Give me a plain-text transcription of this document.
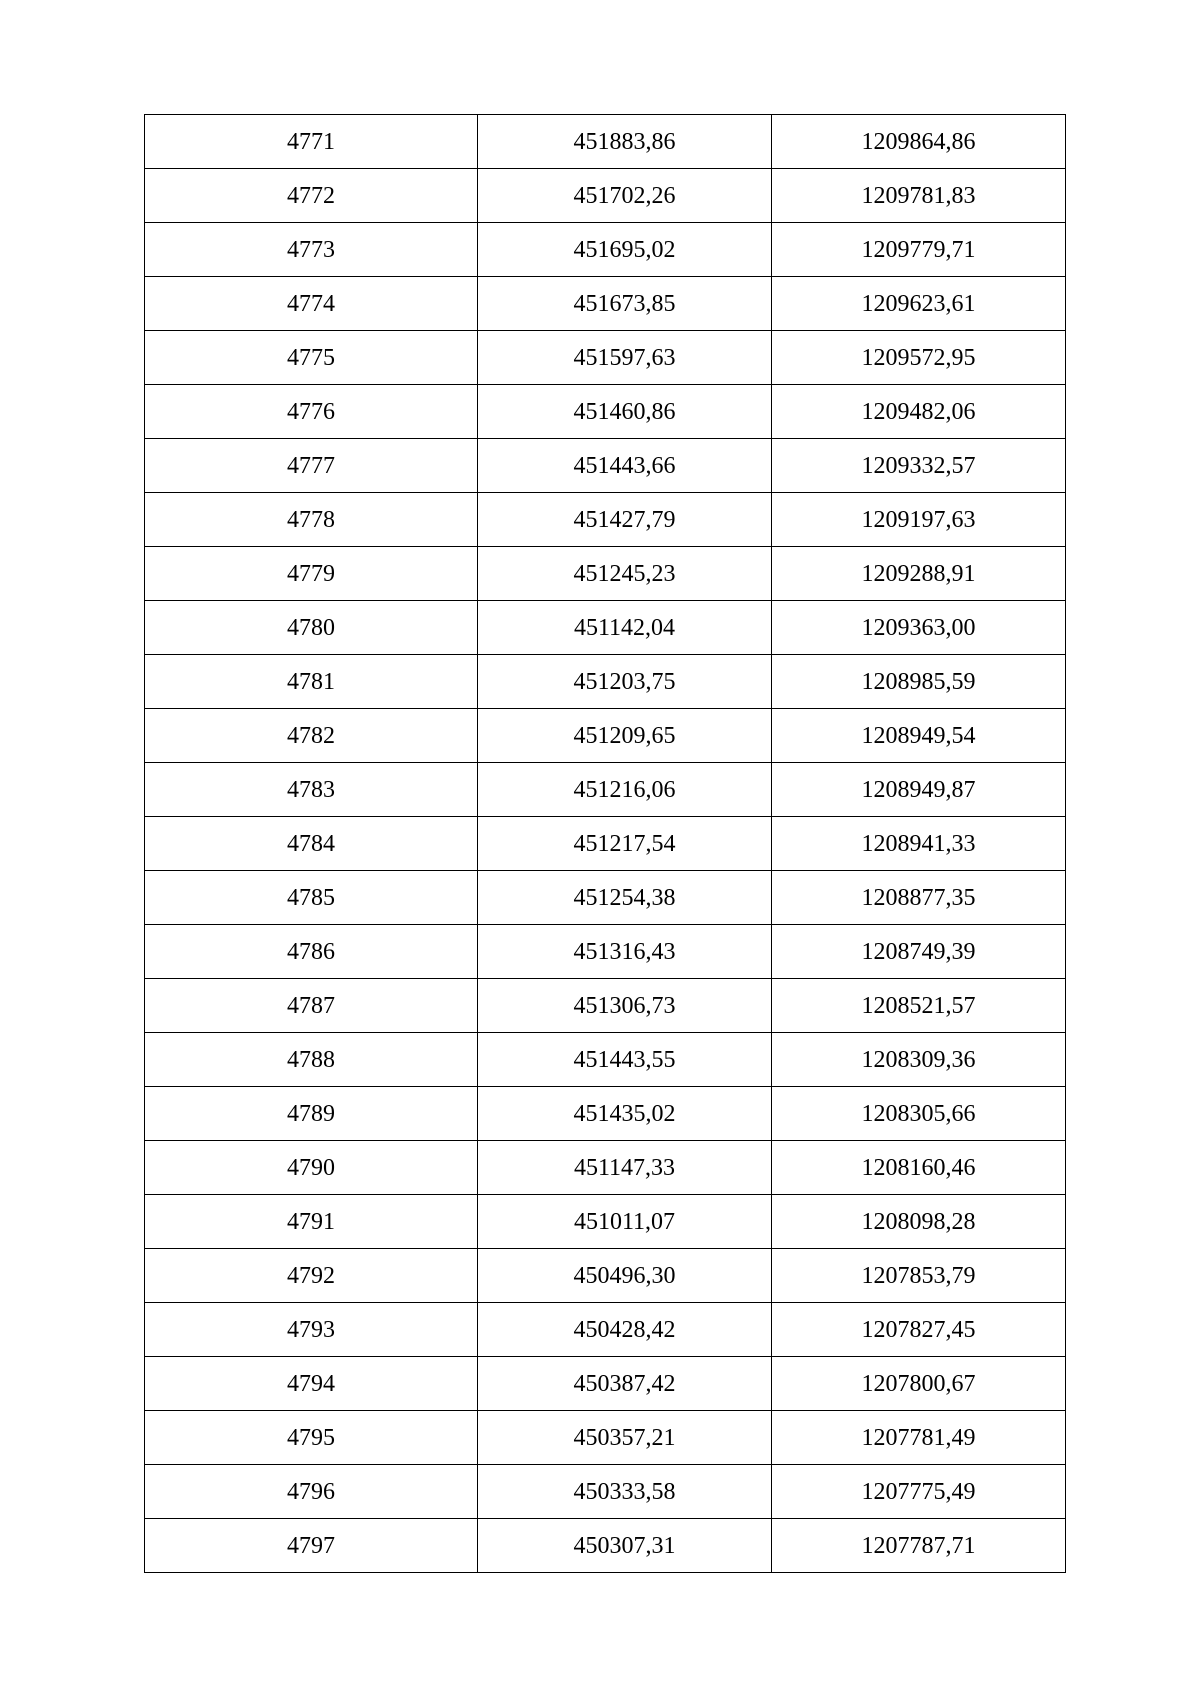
4771	451883,86	1209864,86
4772	451702,26	1209781,83
4773	451695,02	1209779,71
4774	451673,85	1209623,61
4775	451597,63	1209572,95
4776	451460,86	1209482,06
4777	451443,66	1209332,57
4778	451427,79	1209197,63
4779	451245,23	1209288,91
4780	451142,04	1209363,00
4781	451203,75	1208985,59
4782	451209,65	1208949,54
4783	451216,06	1208949,87
4784	451217,54	1208941,33
4785	451254,38	1208877,35
4786	451316,43	1208749,39
4787	451306,73	1208521,57
4788	451443,55	1208309,36
4789	451435,02	1208305,66
4790	451147,33	1208160,46
4791	451011,07	1208098,28
4792	450496,30	1207853,79
4793	450428,42	1207827,45
4794	450387,42	1207800,67
4795	450357,21	1207781,49
4796	450333,58	1207775,49
4797	450307,31	1207787,71
